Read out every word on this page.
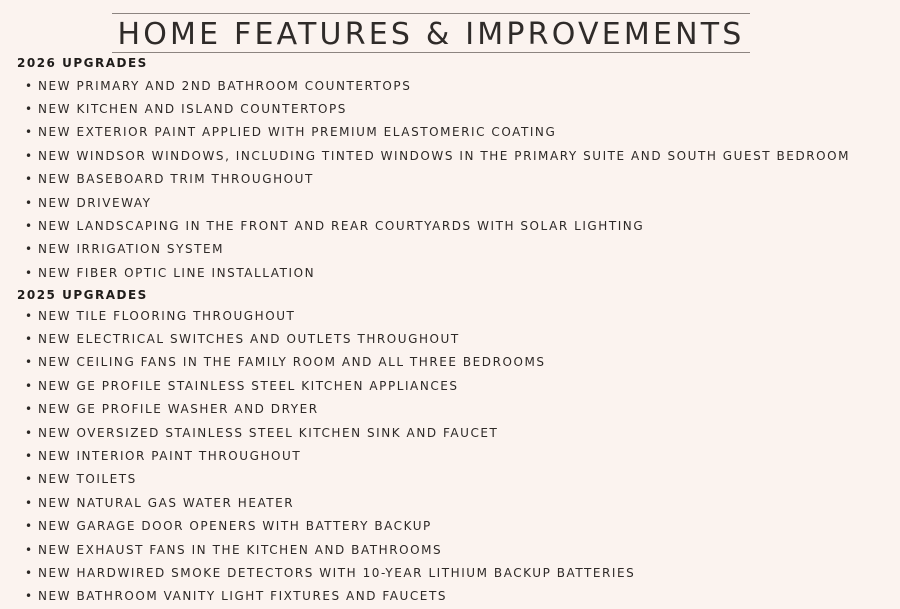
HOME FEATURES & IMPROVEMENTS
2026 UPGRADES
• NEW PRIMARY AND 2ND BATHROOM COUNTERTOPS
• NEW KITCHEN AND ISLAND COUNTERTOPS
• NEW EXTERIOR PAINT APPLIED WITH PREMIUM ELASTOMERIC COATING
• NEW WINDSOR WINDOWS, INCLUDING TINTED WINDOWS IN THE PRIMARY SUITE AND SOUTH GUEST BEDROOM
• NEW BASEBOARD TRIM THROUGHOUT
• NEW DRIVEWAY
• NEW LANDSCAPING IN THE FRONT AND REAR COURTYARDS WITH SOLAR LIGHTING
• NEW IRRIGATION SYSTEM
• NEW FIBER OPTIC LINE INSTALLATION
2025 UPGRADES
• NEW TILE FLOORING THROUGHOUT
• NEW ELECTRICAL SWITCHES AND OUTLETS THROUGHOUT
• NEW CEILING FANS IN THE FAMILY ROOM AND ALL THREE BEDROOMS
• NEW GE PROFILE STAINLESS STEEL KITCHEN APPLIANCES
• NEW GE PROFILE WASHER AND DRYER
• NEW OVERSIZED STAINLESS STEEL KITCHEN SINK AND FAUCET
• NEW INTERIOR PAINT THROUGHOUT
• NEW TOILETS
• NEW NATURAL GAS WATER HEATER
• NEW GARAGE DOOR OPENERS WITH BATTERY BACKUP
• NEW EXHAUST FANS IN THE KITCHEN AND BATHROOMS
• NEW HARDWIRED SMOKE DETECTORS WITH 10-YEAR LITHIUM BACKUP BATTERIES
• NEW BATHROOM VANITY LIGHT FIXTURES AND FAUCETS
